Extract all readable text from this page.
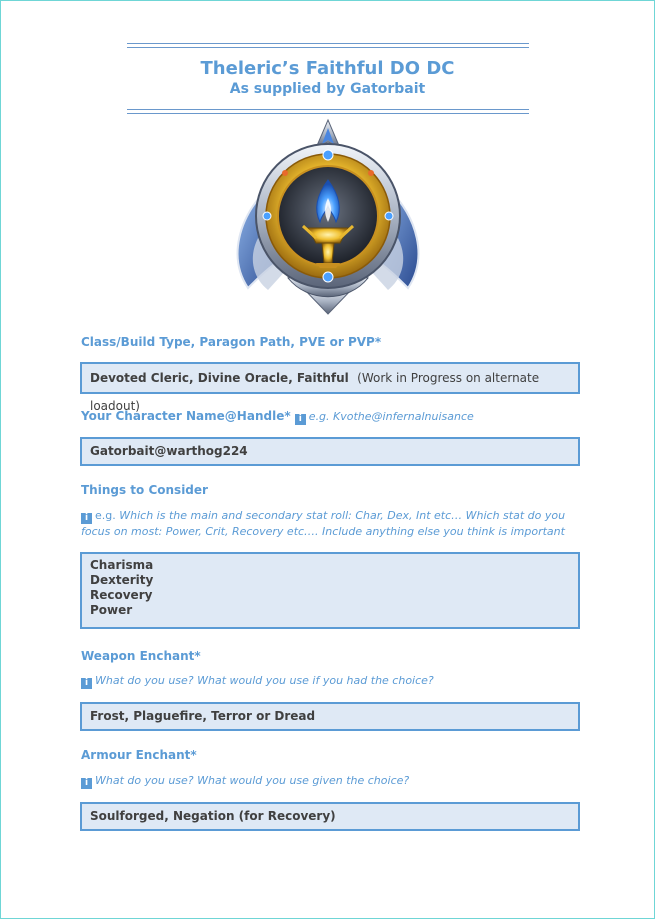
Theleric’s Faithful DO DC
As supplied by Gatorbait
Class/Build Type, Paragon Path, PVE or PVP*
Devoted Cleric, Divine Oracle, Faithful (Work in Progress on alternate loadout)
Your Character Name@Handle* i e.g. Kvothe@infernalnuisance
Gatorbait@warthog224
Things to Consider
i e.g. Which is the main and secondary stat roll: Char, Dex, Int etc… Which stat do you focus on most: Power, Crit, Recovery etc…. Include anything else you think is important
Charisma
Dexterity
Recovery
Power
Weapon Enchant*
i What do you use? What would you use if you had the choice?
Frost, Plaguefire, Terror or Dread
Armour Enchant*
i What do you use? What would you use given the choice?
Soulforged, Negation (for Recovery)
